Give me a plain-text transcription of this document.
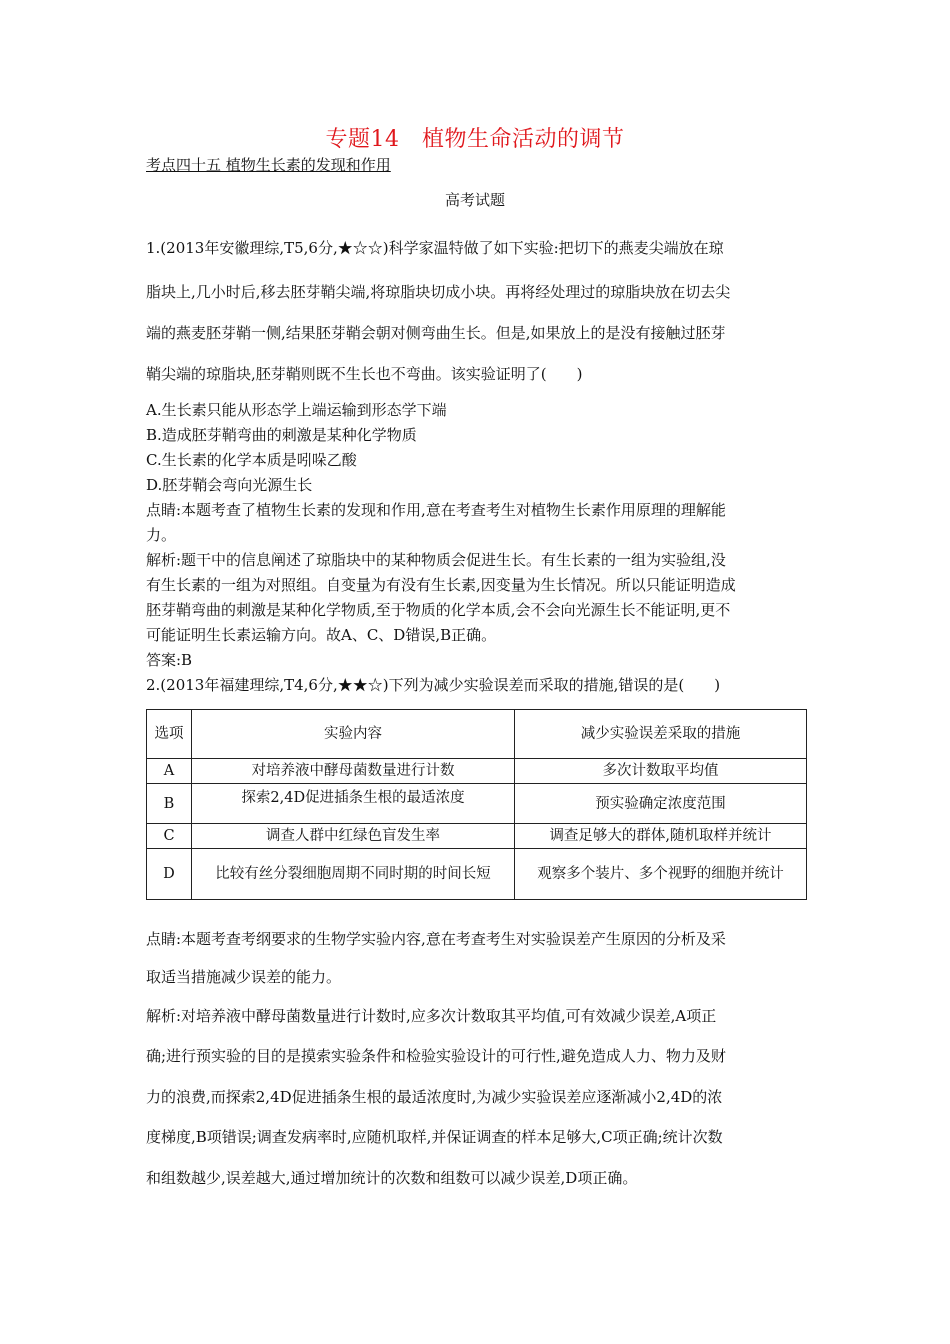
专题14　植物生命活动的调节
考点四十五 植物生长素的发现和作用
高考试题
1.(2013年安徽理综,T5,6分,★☆☆)科学家温特做了如下实验:把切下的燕麦尖端放在琼
脂块上,几小时后,移去胚芽鞘尖端,将琼脂块切成小块。再将经处理过的琼脂块放在切去尖
端的燕麦胚芽鞘一侧,结果胚芽鞘会朝对侧弯曲生长。但是,如果放上的是没有接触过胚芽
鞘尖端的琼脂块,胚芽鞘则既不生长也不弯曲。该实验证明了(　　)
A.生长素只能从形态学上端运输到形态学下端
B.造成胚芽鞘弯曲的刺激是某种化学物质
C.生长素的化学本质是吲哚乙酸
D.胚芽鞘会弯向光源生长
点睛:本题考查了植物生长素的发现和作用,意在考查考生对植物生长素作用原理的理解能
力。
解析:题干中的信息阐述了琼脂块中的某种物质会促进生长。有生长素的一组为实验组,没
有生长素的一组为对照组。自变量为有没有生长素,因变量为生长情况。所以只能证明造成
胚芽鞘弯曲的刺激是某种化学物质,至于物质的化学本质,会不会向光源生长不能证明,更不
可能证明生长素运输方向。故A、C、D错误,B正确。
答案:B
2.(2013年福建理综,T4,6分,★★☆)下列为减少实验误差而采取的措施,错误的是(　　)
选项	实验内容	减少实验误差采取的措施
A	对培养液中酵母菌数量进行计数	多次计数取平均值
B	探索2,4D促进插条生根的最适浓度	预实验确定浓度范围
C	调查人群中红绿色盲发生率	调查足够大的群体,随机取样并统计
D	比较有丝分裂细胞周期不同时期的时间长短	观察多个装片、多个视野的细胞并统计
点睛:本题考查考纲要求的生物学实验内容,意在考查考生对实验误差产生原因的分析及采
取适当措施减少误差的能力。
解析:对培养液中酵母菌数量进行计数时,应多次计数取其平均值,可有效减少误差,A项正
确;进行预实验的目的是摸索实验条件和检验实验设计的可行性,避免造成人力、物力及财
力的浪费,而探索2,4D促进插条生根的最适浓度时,为减少实验误差应逐渐减小2,4D的浓
度梯度,B项错误;调查发病率时,应随机取样,并保证调查的样本足够大,C项正确;统计次数
和组数越少,误差越大,通过增加统计的次数和组数可以减少误差,D项正确。
